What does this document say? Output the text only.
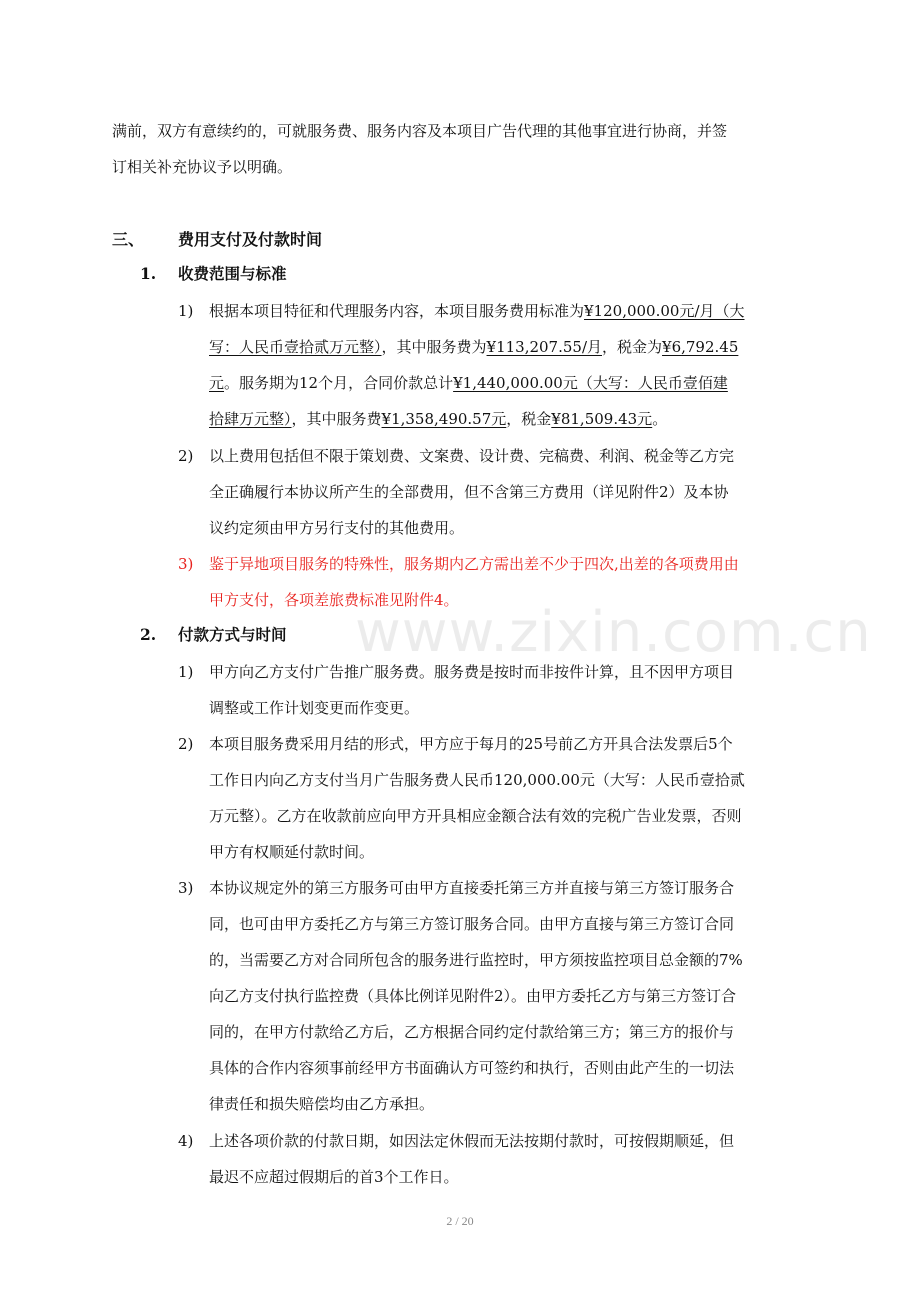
满前，双方有意续约的，可就服务费、服务内容及本项目广告代理的其他事宜进行协商，并签
订相关补充协议予以明确。
三、 费用支付及付款时间
1. 收费范围与标准
1) 根据本项目特征和代理服务内容，本项目服务费用标准为¥120,000.00元/月（大
写：人民币壹拾贰万元整），其中服务费为¥113,207.55/月，税金为¥6,792.45
元。服务期为12个月，合同价款总计¥1,440,000.00元（大写：人民币壹佰建
拾肆万元整），其中服务费¥1,358,490.57元，税金¥81,509.43元。
2) 以上费用包括但不限于策划费、文案费、设计费、完稿费、利润、税金等乙方完
全正确履行本协议所产生的全部费用，但不含第三方费用（详见附件2）及本协
议约定须由甲方另行支付的其他费用。
3) 鉴于异地项目服务的特殊性，服务期内乙方需出差不少于四次,出差的各项费用由
甲方支付，各项差旅费标准见附件4。
www.zixin.com.cn
2. 付款方式与时间
1) 甲方向乙方支付广告推广服务费。服务费是按时而非按件计算，且不因甲方项目
调整或工作计划变更而作变更。
2) 本项目服务费采用月结的形式，甲方应于每月的25号前乙方开具合法发票后5个
工作日内向乙方支付当月广告服务费人民币120,000.00元（大写：人民币壹拾贰
万元整）。乙方在收款前应向甲方开具相应金额合法有效的完税广告业发票，否则
甲方有权顺延付款时间。
3) 本协议规定外的第三方服务可由甲方直接委托第三方并直接与第三方签订服务合
同，也可由甲方委托乙方与第三方签订服务合同。由甲方直接与第三方签订合同
的，当需要乙方对合同所包含的服务进行监控时，甲方须按监控项目总金额的7%
向乙方支付执行监控费（具体比例详见附件2）。由甲方委托乙方与第三方签订合
同的，在甲方付款给乙方后，乙方根据合同约定付款给第三方；第三方的报价与
具体的合作内容须事前经甲方书面确认方可签约和执行，否则由此产生的一切法
律责任和损失赔偿均由乙方承担。
4) 上述各项价款的付款日期，如因法定休假而无法按期付款时，可按假期顺延，但
最迟不应超过假期后的首3个工作日。
2 / 20
